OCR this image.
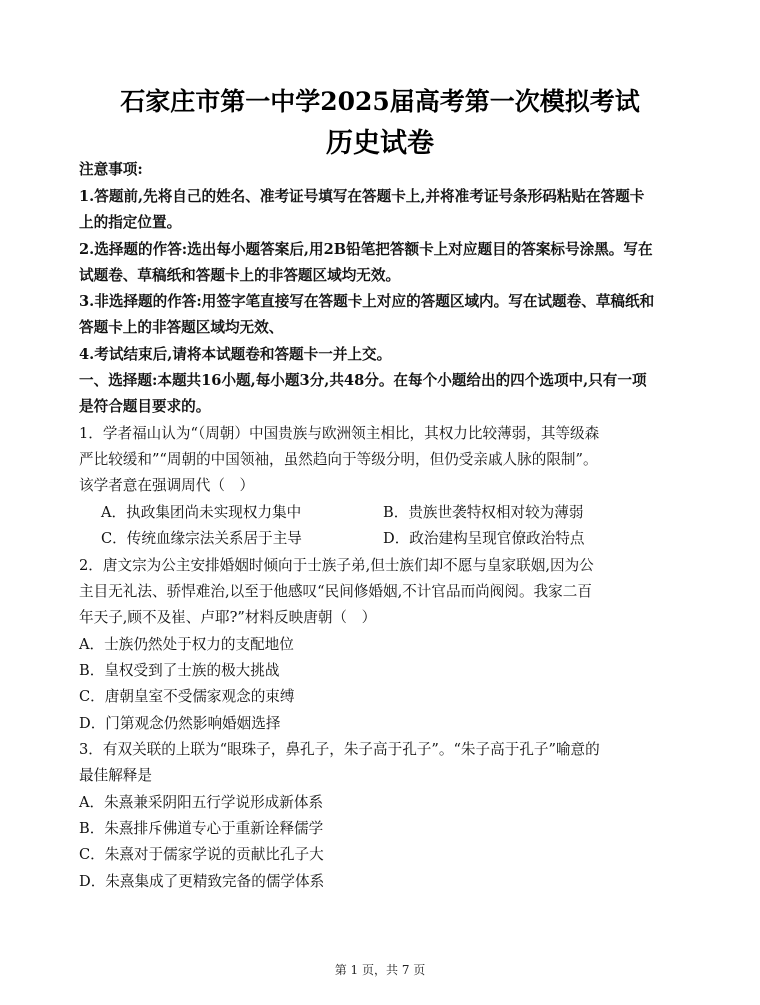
石家庄市第一中学2025届高考第一次模拟考试
历史试卷
注意事项:
1.答题前,先将自己的姓名、准考证号填写在答题卡上,并将准考证号条形码粘贴在答题卡
上的指定位置。
2.选择题的作答:选出每小题答案后,用2B铅笔把答额卡上对应题目的答案标号涂黑。写在
试题卷、草稿纸和答题卡上的非答题区域均无效。
3.非选择题的作答:用签字笔直接写在答题卡上对应的答题区域内。写在试题卷、草稿纸和
答题卡上的非答题区域均无效、
4.考试结束后,请将本试题卷和答题卡一并上交。
一、选择题:本题共16小题,每小题3分,共48分。在每个小题给出的四个选项中,只有一项
是符合题目要求的。
1．学者福山认为“（周朝）中国贵族与欧洲领主相比，其权力比较薄弱，其等级森
严比较缓和”“周朝的中国领袖，虽然趋向于等级分明，但仍受亲戚人脉的限制”。
该学者意在强调周代（　）
A．执政集团尚未实现权力集中	B．贵族世袭特权相对较为薄弱
C．传统血缘宗法关系居于主导	D．政治建构呈现官僚政治特点
2．唐文宗为公主安排婚姻时倾向于士族子弟,但士族们却不愿与皇家联姻,因为公
主目无礼法、骄悍难治,以至于他感叹“民间修婚姻,不计官品而尚阀阅。我家二百
年天子,顾不及崔、卢耶?”材料反映唐朝（　）
A．士族仍然处于权力的支配地位
B．皇权受到了士族的极大挑战
C．唐朝皇室不受儒家观念的束缚
D．门第观念仍然影响婚姻选择
3．有双关联的上联为“眼珠子，鼻孔子，朱子高于孔子”。“朱子高于孔子”喻意的
最佳解释是
A．朱熹兼采阴阳五行学说形成新体系
B．朱熹排斥佛道专心于重新诠释儒学
C．朱熹对于儒家学说的贡献比孔子大
D．朱熹集成了更精致完备的儒学体系
第 1 页，共 7 页
